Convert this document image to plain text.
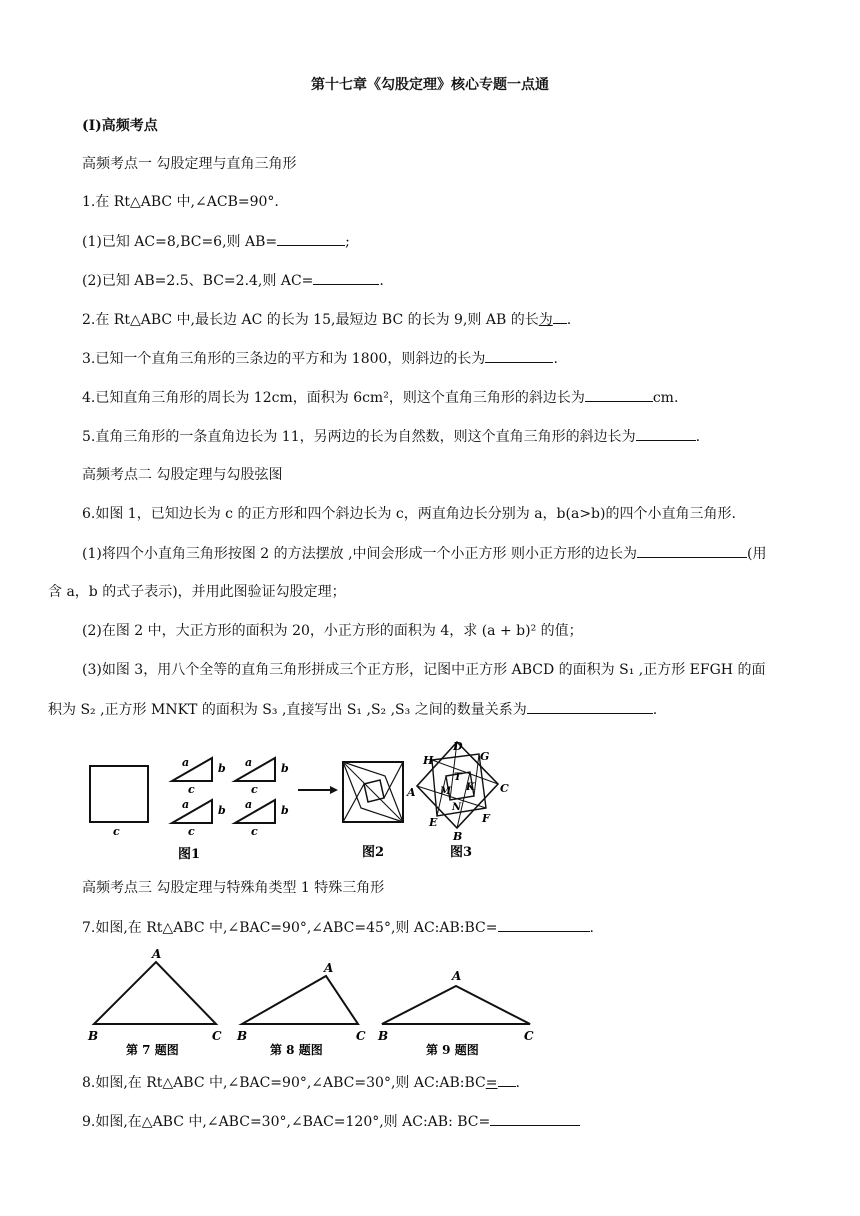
第十七章《勾股定理》核心专题一点通
(Ⅰ)高频考点
高频考点一 勾股定理与直角三角形
1.在 Rt△ABC 中,∠ACB=90°.
(1)已知 AC=8,BC=6,则 AB=	;
(2)已知 AB=2.5、BC=2.4,则 AC=	.
2.在 Rt△ABC 中,最长边 AC 的长为 15,最短边 BC 的长为 9,则 AB 的长为 .
3.已知一个直角三角形的三条边的平方和为 1800，则斜边的长为	.
4.已知直角三角形的周长为 12cm，面积为 6cm²，则这个直角三角形的斜边长为	cm.
5.直角三角形的一条直角边长为 11，另两边的长为自然数，则这个直角三角形的斜边长为	.
高频考点二 勾股定理与勾股弦图
6.如图 1，已知边长为 c 的正方形和四个斜边长为 c，两直角边长分别为 a，b(a>b)的四个小直角三角形.
(1)将四个小直角三角形按图 2 的方法摆放 ,中间会形成一个小正方形 则小正方形的边长为	(用
含 a，b 的式子表示)，并用此图验证勾股定理；
(2)在图 2 中，大正方形的面积为 20，小正方形的面积为 4，求 (a + b)² 的值；
(3)如图 3，用八个全等的直角三角形拼成三个正方形，记图中正方形 ABCD 的面积为 S₁ ,正方形 EFGH 的面
积为 S₂ ,正方形 MNKT 的面积为 S₃ ,直接写出 S₁ ,S₂ ,S₃ 之间的数量关系为	.
c
a	b
c
a	b
c
a	b
c
a	b
c
图1	图2
D
H	G
T
A M K C
N
E	F
B
图3
高频考点三 勾股定理与特殊角类型 1 特殊三角形
7.如图,在 Rt△ABC 中,∠BAC=90°,∠ABC=45°,则 AC:AB:BC=	.
A
B	C
第 7 题图
A
B	C
第 8 题图
A
B	C
第 9 题图
8.如图,在 Rt△ABC 中,∠BAC=90°,∠ABC=30°,则 AC:AB:BC= .
9.如图,在△ABC 中,∠ABC=30°,∠BAC=120°,则 AC:AB: BC=
